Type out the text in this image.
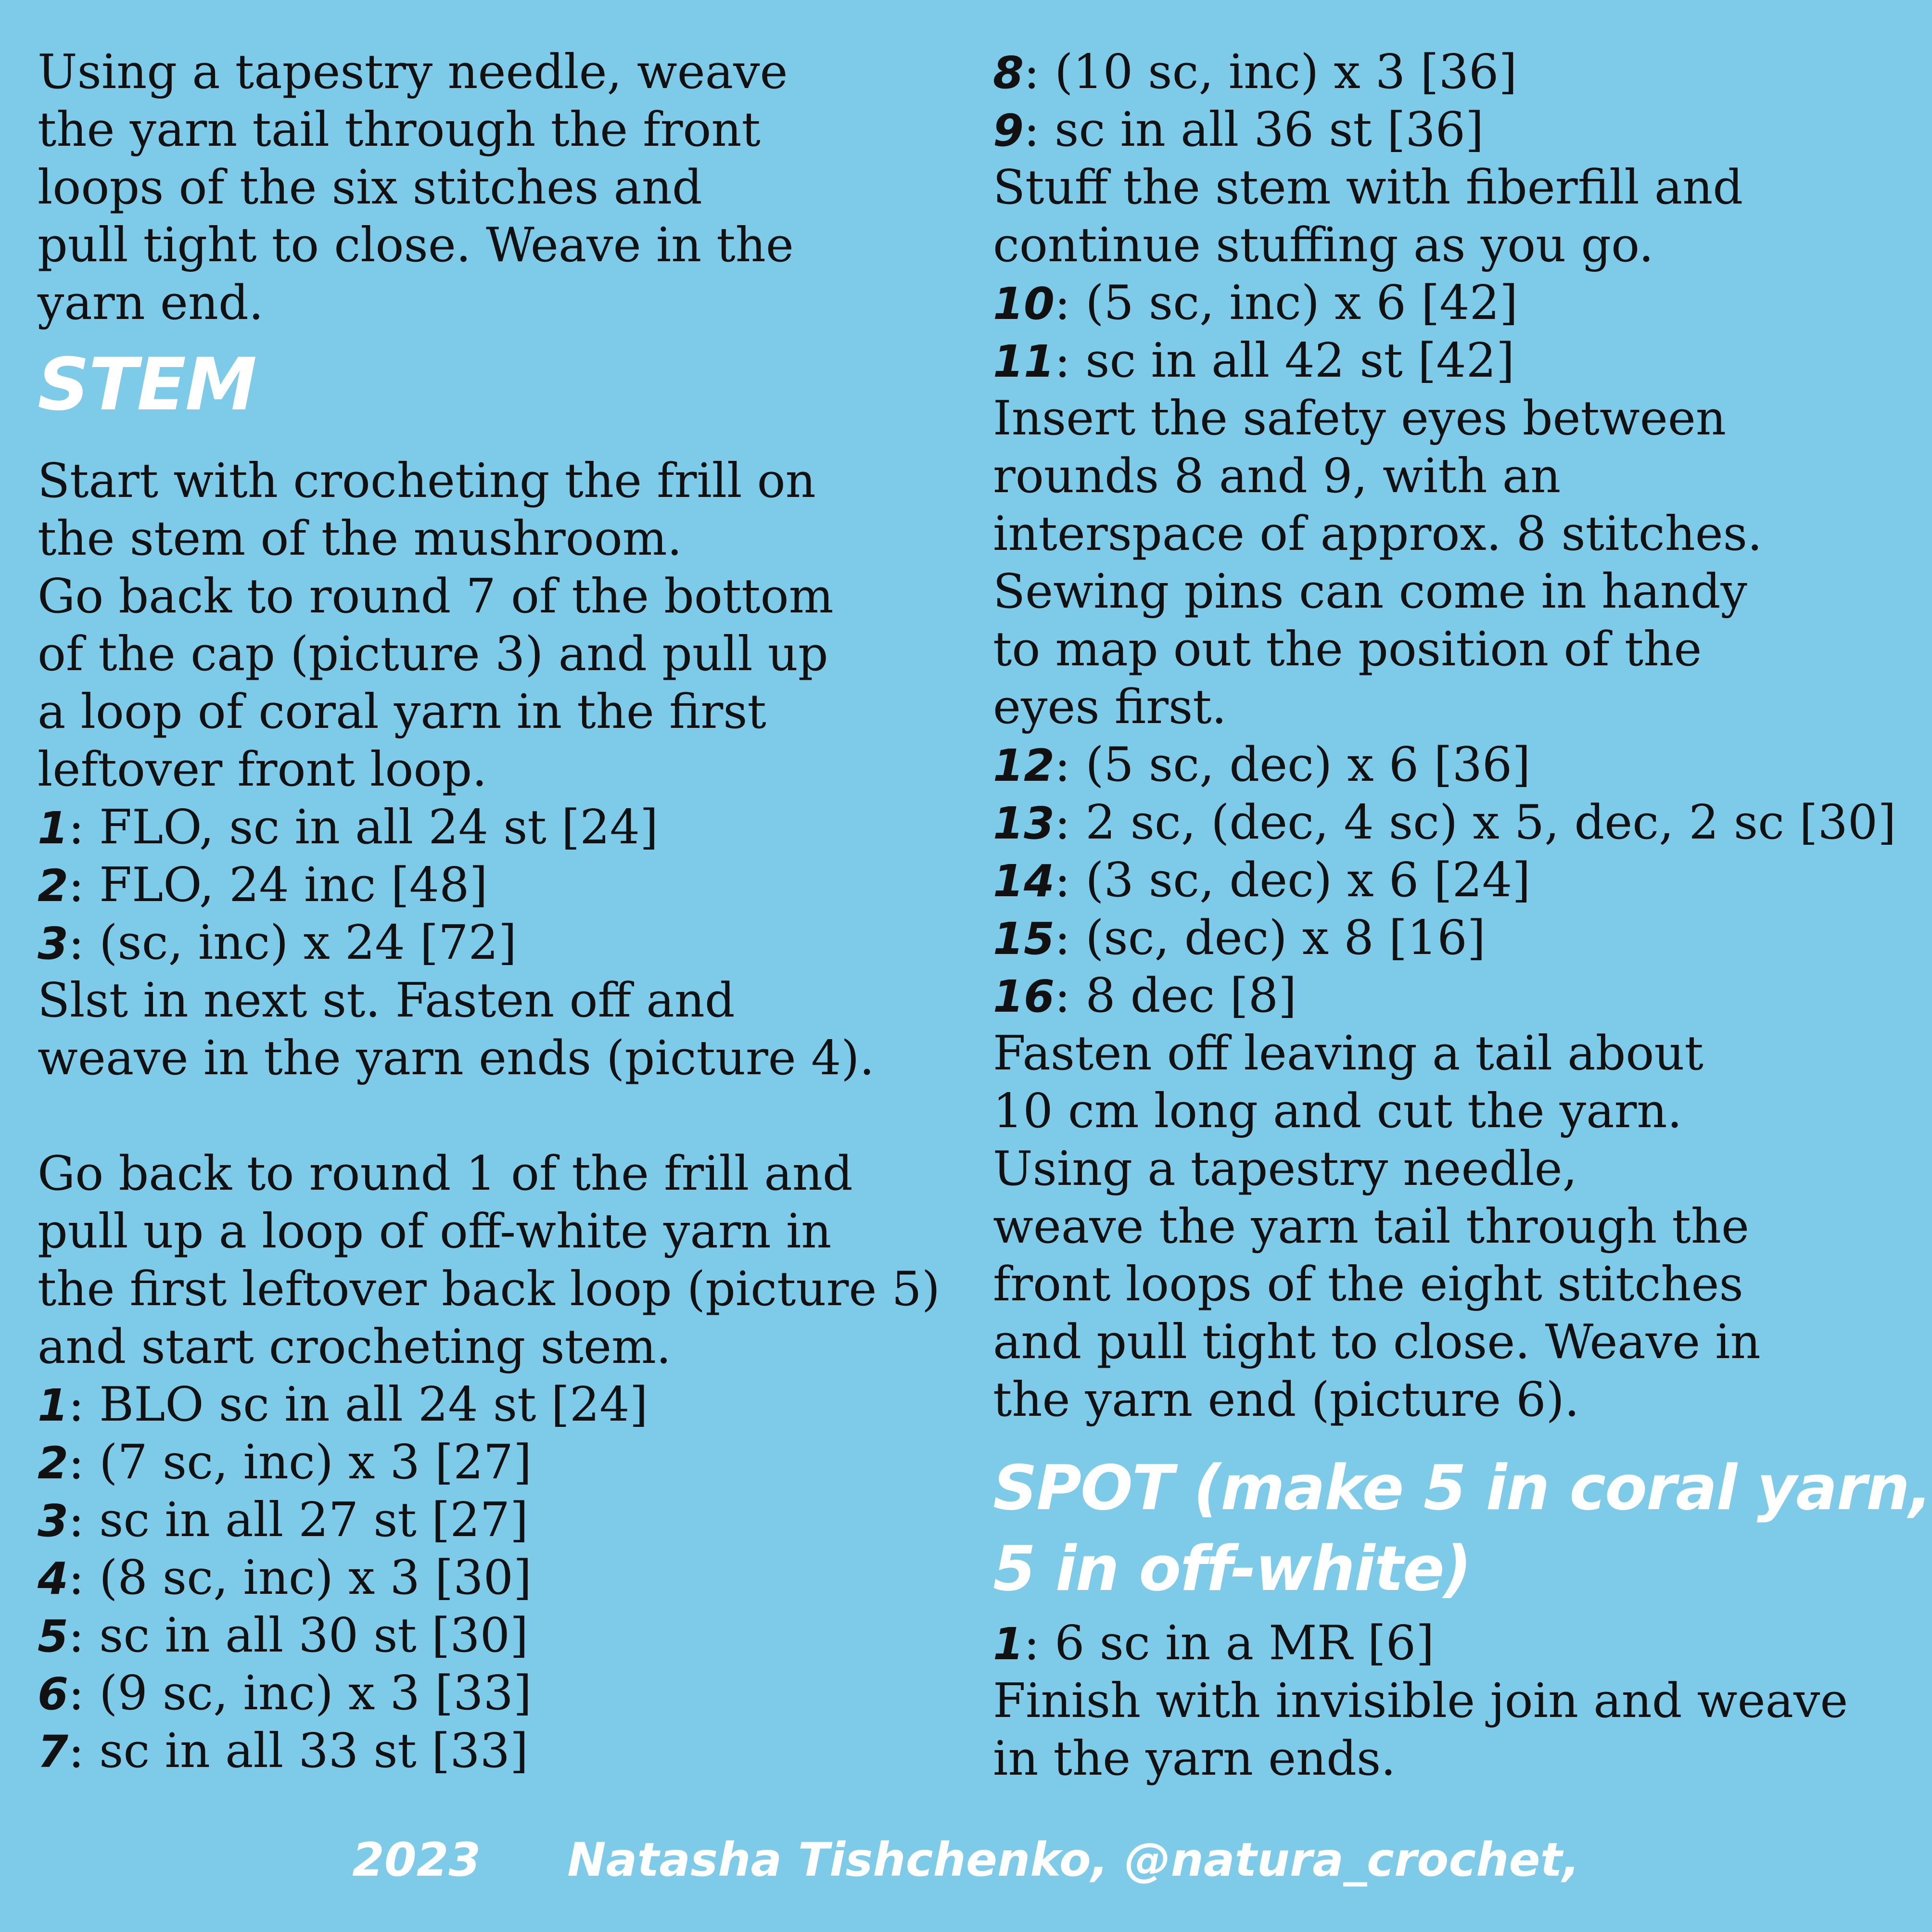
Using a tapestry needle, weave
the yarn tail through the front
loops of the six stitches and
pull tight to close. Weave in the
yarn end.
STEM
Start with crocheting the frill on
the stem of the mushroom.
Go back to round 7 of the bottom
of the cap (picture 3) and pull up
a loop of coral yarn in the first
leftover front loop.
1: FLO, sc in all 24 st [24]
2: FLO, 24 inc [48]
3: (sc, inc) x 24 [72]
Slst in next st. Fasten off and
weave in the yarn ends (picture 4).
Go back to round 1 of the frill and
pull up a loop of off-white yarn in
the first leftover back loop (picture 5)
and start crocheting stem.
1: BLO sc in all 24 st [24]
2: (7 sc, inc) x 3 [27]
3: sc in all 27 st [27]
4: (8 sc, inc) x 3 [30]
5: sc in all 30 st [30]
6: (9 sc, inc) x 3 [33]
7: sc in all 33 st [33]
8: (10 sc, inc) x 3 [36]
9: sc in all 36 st [36]
Stuff the stem with fiberfill and
continue stuffing as you go.
10: (5 sc, inc) x 6 [42]
11: sc in all 42 st [42]
Insert the safety eyes between
rounds 8 and 9, with an
interspace of approx. 8 stitches.
Sewing pins can come in handy
to map out the position of the
eyes first.
12: (5 sc, dec) x 6 [36]
13: 2 sc, (dec, 4 sc) x 5, dec, 2 sc [30]
14: (3 sc, dec) x 6 [24]
15: (sc, dec) x 8 [16]
16: 8 dec [8]
Fasten off leaving a tail about
10 cm long and cut the yarn.
Using a tapestry needle,
weave the yarn tail through the
front loops of the eight stitches
and pull tight to close. Weave in
the yarn end (picture 6).
SPOT (make 5 in coral yarn,
5 in off-white)
1: 6 sc in a MR [6]
Finish with invisible join and weave
in the yarn ends.
2023 Natasha Tishchenko, @natura_crochet,
